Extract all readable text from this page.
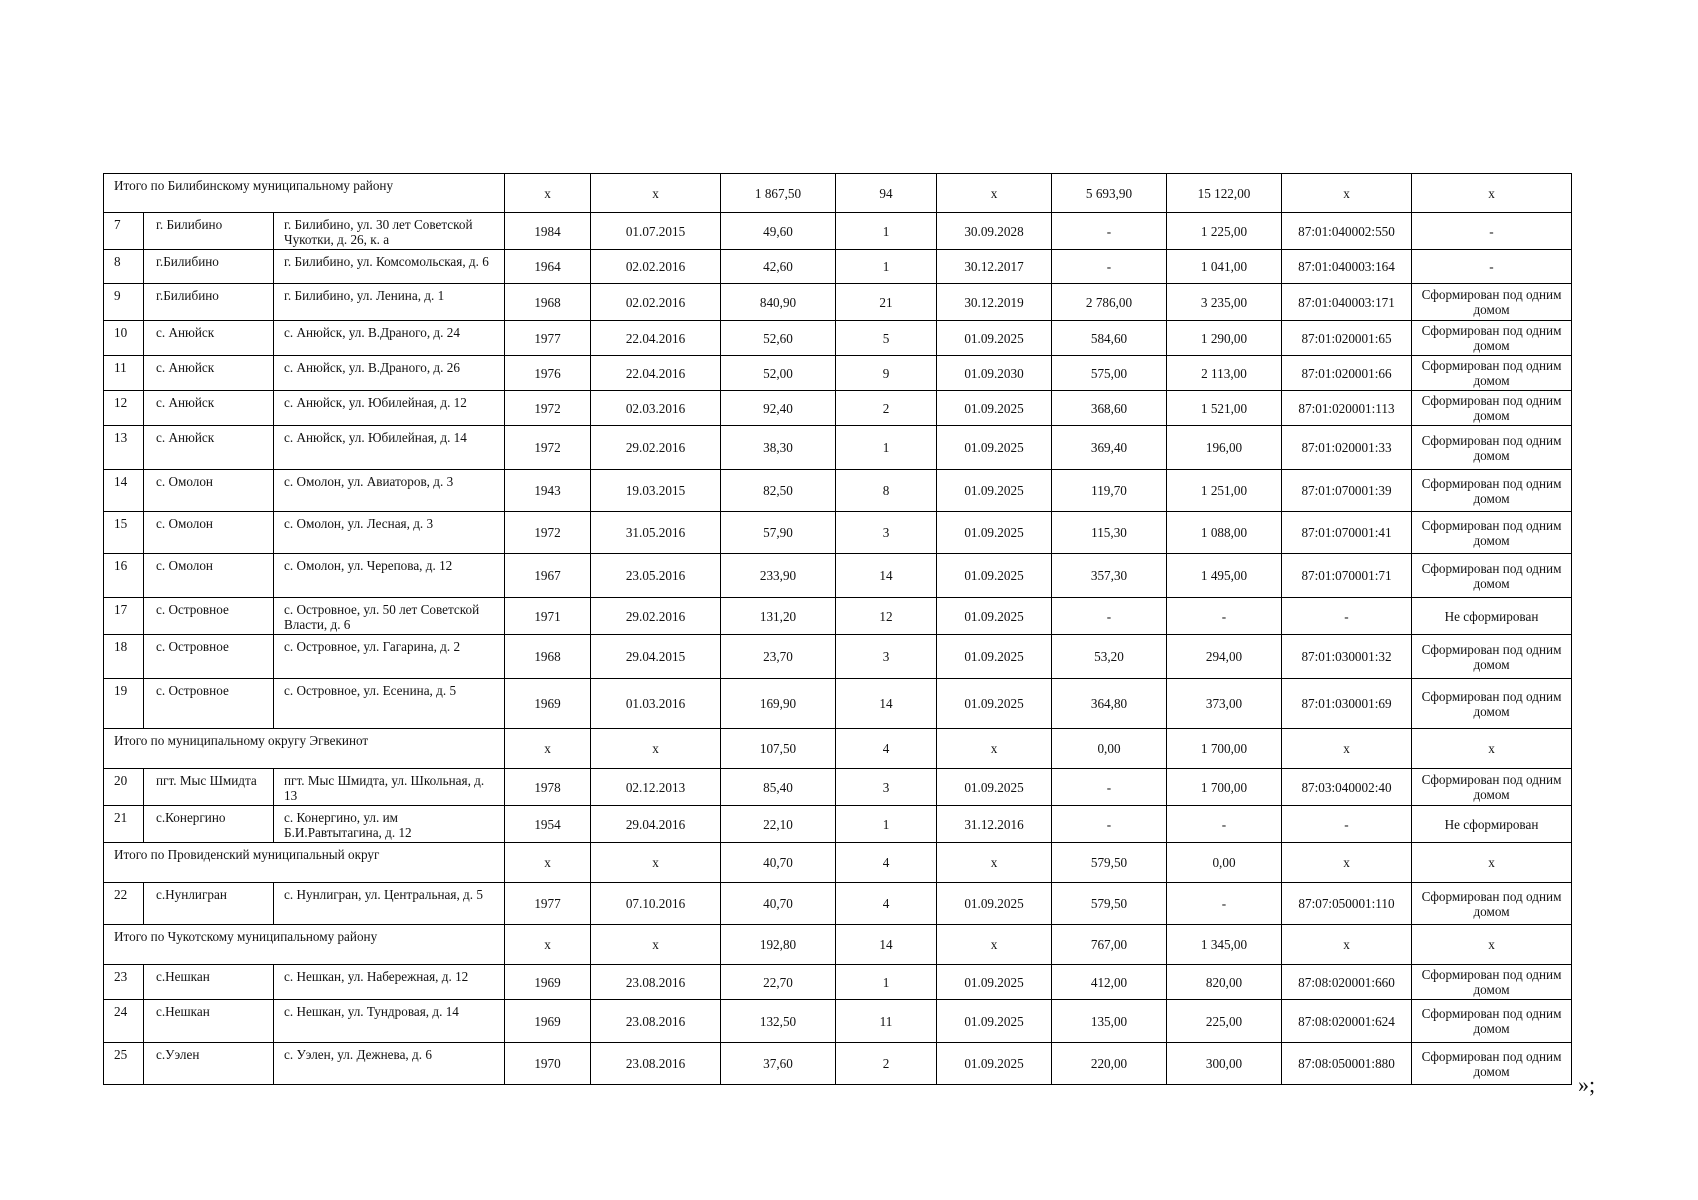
Итого по Билибинскому муниципальному району			x	x	1 867,50	94	x	5 693,90	15 122,00	x	x
7	г. Билибино	г. Билибино, ул. 30 лет Советской Чукотки, д. 26, к. а	1984	01.07.2015	49,60	1	30.09.2028	-	1 225,00	87:01:040002:550	-
8	г.Билибино	г. Билибино, ул. Комсомольская, д. 6	1964	02.02.2016	42,60	1	30.12.2017	-	1 041,00	87:01:040003:164	-
9	г.Билибино	г. Билибино, ул. Ленина, д. 1	1968	02.02.2016	840,90	21	30.12.2019	2 786,00	3 235,00	87:01:040003:171	Сформирован под одним домом
10	с. Анюйск	с. Анюйск, ул. В.Драного, д. 24	1977	22.04.2016	52,60	5	01.09.2025	584,60	1 290,00	87:01:020001:65	Сформирован под одним домом
11	с. Анюйск	с. Анюйск, ул. В.Драного, д. 26	1976	22.04.2016	52,00	9	01.09.2030	575,00	2 113,00	87:01:020001:66	Сформирован под одним домом
12	с. Анюйск	с. Анюйск, ул. Юбилейная, д. 12	1972	02.03.2016	92,40	2	01.09.2025	368,60	1 521,00	87:01:020001:113	Сформирован под одним домом
13	с. Анюйск	с. Анюйск, ул. Юбилейная, д. 14	1972	29.02.2016	38,30	1	01.09.2025	369,40	196,00	87:01:020001:33	Сформирован под одним домом
14	с. Омолон	с. Омолон, ул. Авиаторов, д. 3	1943	19.03.2015	82,50	8	01.09.2025	119,70	1 251,00	87:01:070001:39	Сформирован под одним домом
15	с. Омолон	с. Омолон, ул. Лесная, д. 3	1972	31.05.2016	57,90	3	01.09.2025	115,30	1 088,00	87:01:070001:41	Сформирован под одним домом
16	с. Омолон	с. Омолон, ул. Черепова, д. 12	1967	23.05.2016	233,90	14	01.09.2025	357,30	1 495,00	87:01:070001:71	Сформирован под одним домом
17	с. Островное	с. Островное, ул. 50 лет Советской Власти, д. 6	1971	29.02.2016	131,20	12	01.09.2025	-	-	-	Не сформирован
18	с. Островное	с. Островное, ул. Гагарина, д. 2	1968	29.04.2015	23,70	3	01.09.2025	53,20	294,00	87:01:030001:32	Сформирован под одним домом
19	с. Островное	с. Островное, ул. Есенина, д. 5	1969	01.03.2016	169,90	14	01.09.2025	364,80	373,00	87:01:030001:69	Сформирован под одним домом
Итого по муниципальному округу Эгвекинот			x	x	107,50	4	x	0,00	1 700,00	x	x
20	пгт. Мыс Шмидта	пгт. Мыс Шмидта, ул. Школьная, д. 13	1978	02.12.2013	85,40	3	01.09.2025	-	1 700,00	87:03:040002:40	Сформирован под одним домом
21	с.Конергино	с. Конергино, ул. им Б.И.Равтытагина, д. 12	1954	29.04.2016	22,10	1	31.12.2016	-	-	-	Не сформирован
Итого по Провиденский муниципальный округ			x	x	40,70	4	x	579,50	0,00	x	x
22	с.Нунлигран	с. Нунлигран, ул. Центральная, д. 5	1977	07.10.2016	40,70	4	01.09.2025	579,50	-	87:07:050001:110	Сформирован под одним домом
Итого по Чукотскому муниципальному району			x	x	192,80	14	x	767,00	1 345,00	x	x
23	с.Нешкан	с. Нешкан, ул. Набережная, д. 12	1969	23.08.2016	22,70	1	01.09.2025	412,00	820,00	87:08:020001:660	Сформирован под одним домом
24	с.Нешкан	с. Нешкан, ул. Тундровая, д. 14	1969	23.08.2016	132,50	11	01.09.2025	135,00	225,00	87:08:020001:624	Сформирован под одним домом
25	с.Уэлен	с. Уэлен, ул. Дежнева, д. 6	1970	23.08.2016	37,60	2	01.09.2025	220,00	300,00	87:08:050001:880	Сформирован под одним домом
»;
